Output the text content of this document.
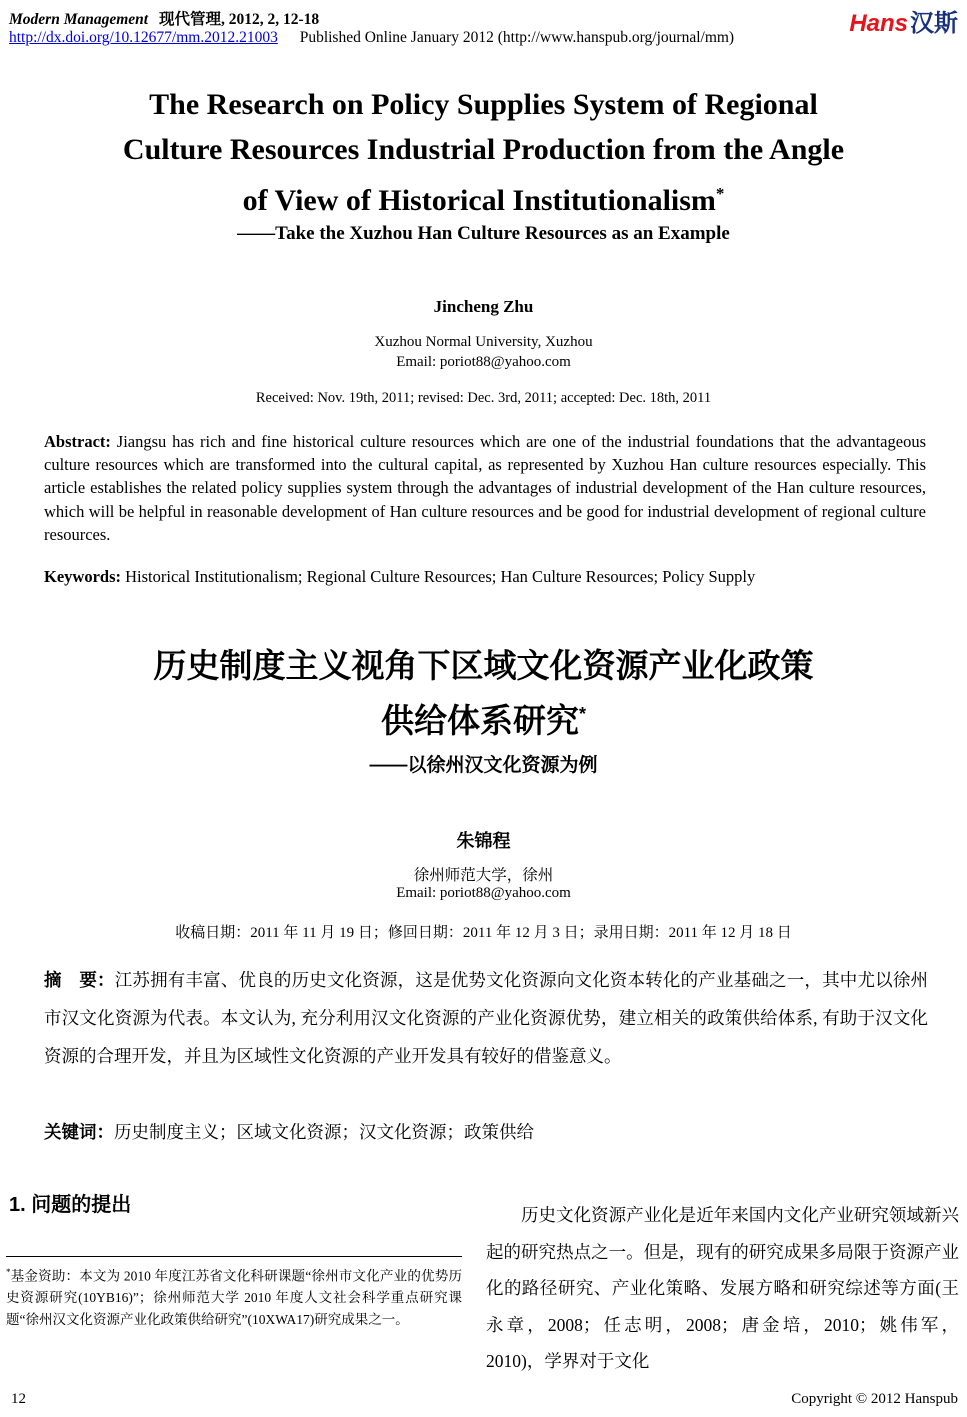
Modern Management 现代管理, 2012, 2, 12-18
http://dx.doi.org/10.12677/mm.2012.21003 Published Online January 2012 (http://www.hanspub.org/journal/mm)
Hans汉斯
The Research on Policy Supplies System of Regional
Culture Resources Industrial Production from the Angle
of View of Historical Institutionalism*
——Take the Xuzhou Han Culture Resources as an Example
Jincheng Zhu
Xuzhou Normal University, Xuzhou
Email: poriot88@yahoo.com
Received: Nov. 19th, 2011; revised: Dec. 3rd, 2011; accepted: Dec. 18th, 2011
Abstract: Jiangsu has rich and fine historical culture resources which are one of the industrial foundations that the advantageous culture resources which are transformed into the cultural capital, as represented by Xuzhou Han culture resources especially. This article establishes the related policy supplies system through the advantages of industrial development of the Han culture resources, which will be helpful in reasonable development of Han culture resources and be good for industrial development of regional culture resources.
Keywords: Historical Institutionalism; Regional Culture Resources; Han Culture Resources; Policy Supply
历史制度主义视角下区域文化资源产业化政策
供给体系研究*
——以徐州汉文化资源为例
朱锦程
徐州师范大学，徐州
Email: poriot88@yahoo.com
收稿日期：2011 年 11 月 19 日；修回日期：2011 年 12 月 3 日；录用日期：2011 年 12 月 18 日
摘　要：江苏拥有丰富、优良的历史文化资源，这是优势文化资源向文化资本转化的产业基础之一，其中尤以徐州市汉文化资源为代表。本文认为, 充分利用汉文化资源的产业化资源优势，建立相关的政策供给体系, 有助于汉文化资源的合理开发，并且为区域性文化资源的产业开发具有较好的借鉴意义。
关键词：历史制度主义；区域文化资源；汉文化资源；政策供给
1. 问题的提出	历史文化资源产业化是近年来国内文化产业研究领域新兴起的研究热点之一。但是，现有的研究成果多局限于资源产业化的路径研究、产业化策略、发展方略和研究综述等方面(王永章，2008；任志明，2008；唐金培，2010；姚伟军，2010)，学界对于文化
*基金资助：本文为 2010 年度江苏省文化科研课题“徐州市文化产业的优势历史资源研究(10YB16)”；徐州师范大学 2010 年度人文社会科学重点研究课题“徐州汉文化资源产业化政策供给研究”(10XWA17)研究成果之一。
12	Copyright © 2012 Hanspub
